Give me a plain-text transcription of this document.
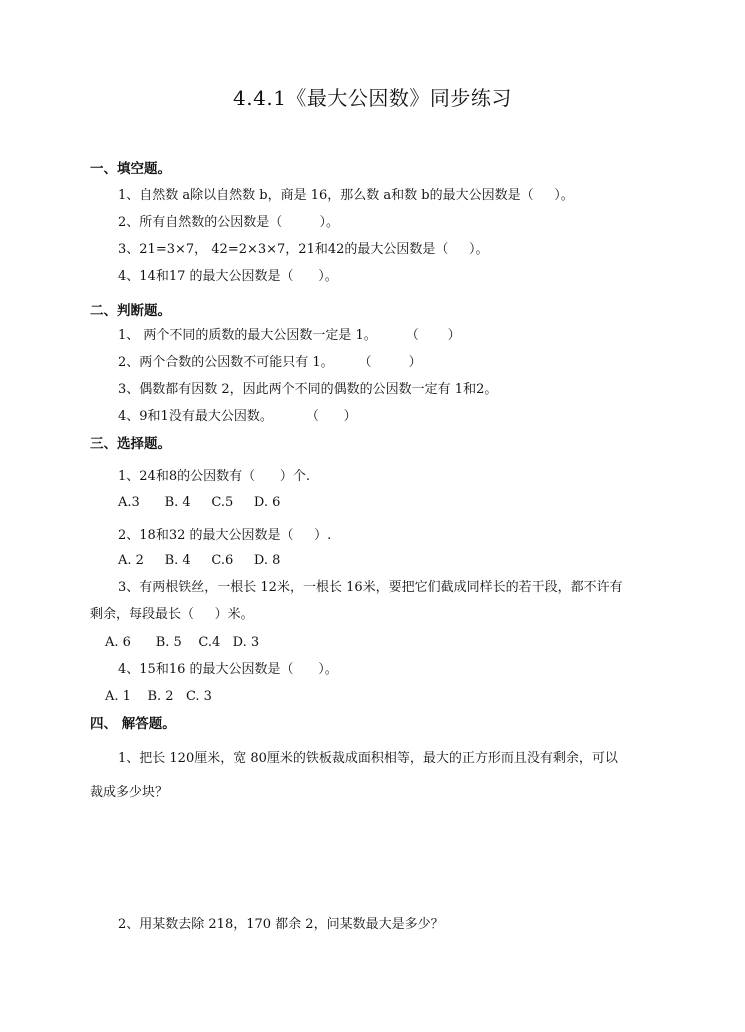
4.4.1《最大公因数》同步练习
一、填空题。
1、自然数 a除以自然数 b，商是 16，那么数 a和数 b的最大公因数是（     ）。
2、所有自然数的公因数是（         ）。
3、21=3×7， 42=2×3×7，21和42的最大公因数是（     ）。
4、14和17 的最大公因数是（      ）。
二、判断题。
1、 两个不同的质数的最大公因数一定是 1。       （       ）
2、两个合数的公因数不可能只有 1。      （         ）
3、偶数都有因数 2，因此两个不同的偶数的公因数一定有 1和2。
4、9和1没有最大公因数。        （      ）
三、选择题。
1、24和8的公因数有（      ）个.
A.3      B. 4     C.5     D. 6
2、18和32 的最大公因数是（     ）.
A. 2     B. 4     C.6     D. 8
3、有两根铁丝，一根长 12米，一根长 16米，要把它们截成同样长的若干段，都不许有
剩余，每段最长（     ）米。
A. 6      B. 5    C.4   D. 3
4、15和16 的最大公因数是（      ）。
A. 1    B. 2   C. 3
四、 解答题。
1、把长 120厘米，宽 80厘米的铁板裁成面积相等，最大的正方形而且没有剩余，可以
裁成多少块？
2、用某数去除 218，170 都余 2，问某数最大是多少？
